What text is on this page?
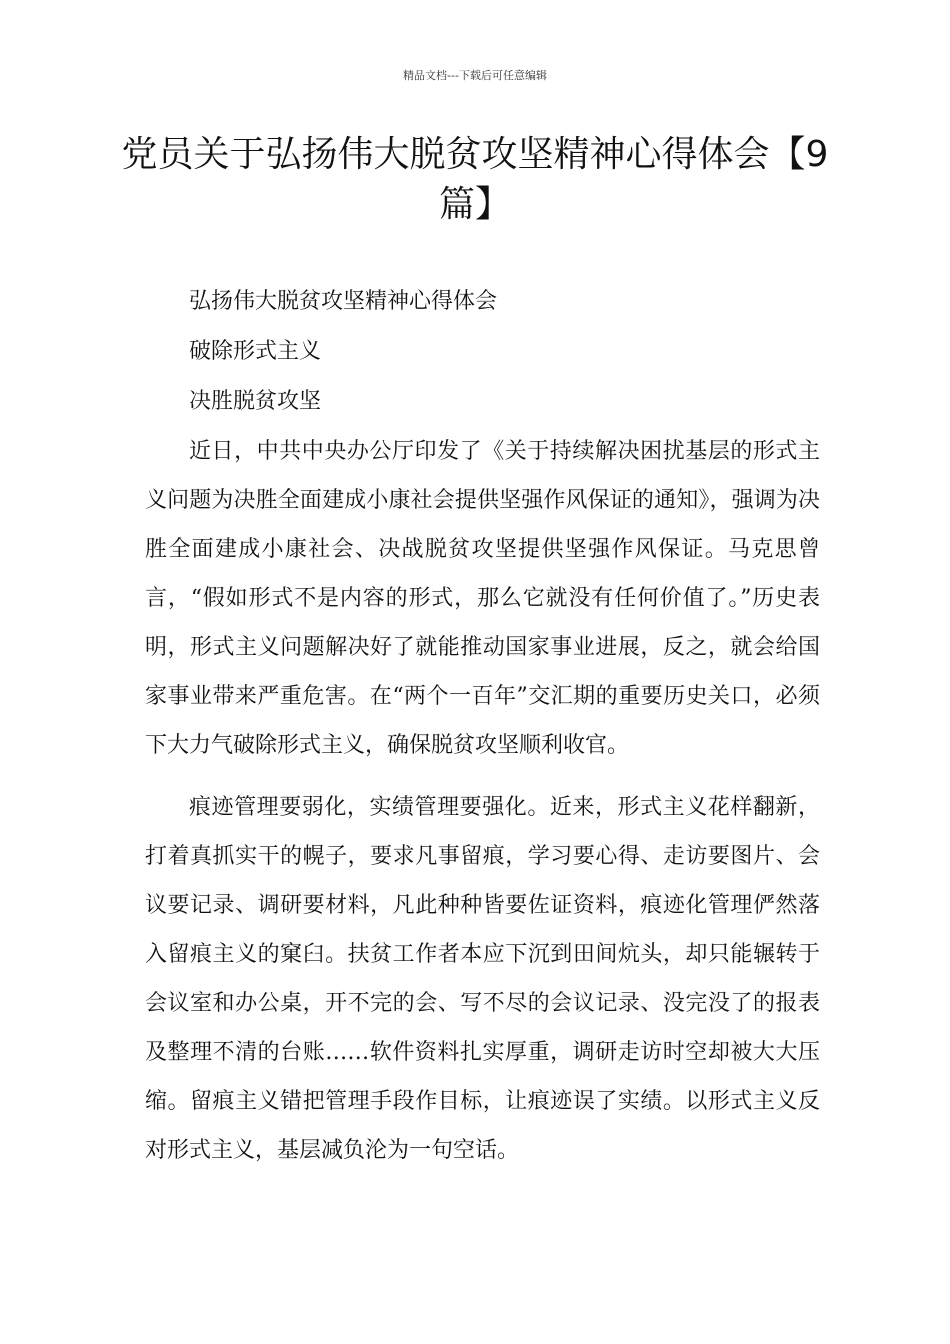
精品文档---下载后可任意编辑
党员关于弘扬伟大脱贫攻坚精神心得体会【9篇】

弘扬伟大脱贫攻坚精神心得体会

破除形式主义

决胜脱贫攻坚

近日，中共中央办公厅印发了《关于持续解决困扰基层的形式主义问题为决胜全面建成小康社会提供坚强作风保证的通知》，强调为决胜全面建成小康社会、决战脱贫攻坚提供坚强作风保证。马克思曾言，“假如形式不是内容的形式，那么它就没有任何价值了。”历史表明，形式主义问题解决好了就能推动国家事业进展，反之，就会给国家事业带来严重危害。在“两个一百年”交汇期的重要历史关口，必须下大力气破除形式主义，确保脱贫攻坚顺利收官。

痕迹管理要弱化，实绩管理要强化。近来，形式主义花样翻新，打着真抓实干的幌子，要求凡事留痕，学习要心得、走访要图片、会议要记录、调研要材料，凡此种种皆要佐证资料，痕迹化管理俨然落入留痕主义的窠臼。扶贫工作者本应下沉到田间炕头，却只能辗转于会议室和办公桌，开不完的会、写不尽的会议记录、没完没了的报表及整理不清的台账……软件资料扎实厚重，调研走访时空却被大大压缩。留痕主义错把管理手段作目标，让痕迹误了实绩。以形式主义反对形式主义，基层减负沦为一句空话。
